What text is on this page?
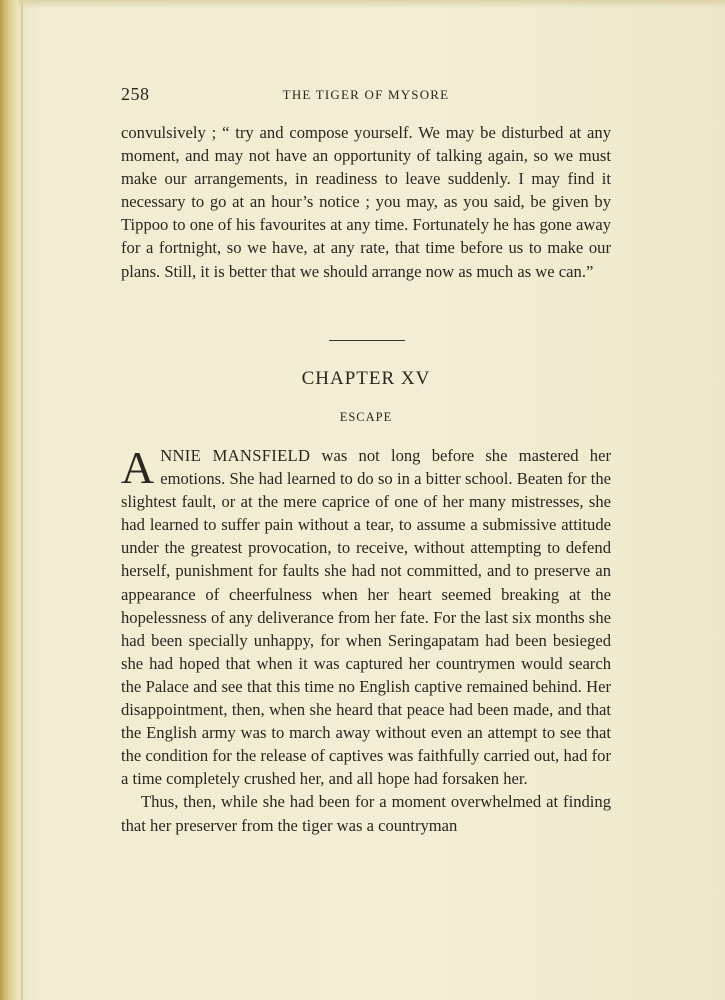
258	THE TIGER OF MYSORE

convulsively ; “ try and compose yourself. We may be disturbed at any moment, and may not have an opportunity of talking again, so we must make our arrangements, in readiness to leave suddenly. I may find it necessary to go at an hour’s notice ; you may, as you said, be given by Tippoo to one of his favourites at any time. Fortunately he has gone away for a fortnight, so we have, at any rate, that time before us to make our plans. Still, it is better that we should arrange now as much as we can.”

CHAPTER XV
ESCAPE

ANNIE MANSFIELD was not long before she mastered her emotions. She had learned to do so in a bitter school. Beaten for the slightest fault, or at the mere caprice of one of her many mistresses, she had learned to suffer pain without a tear, to assume a submissive attitude under the greatest provocation, to receive, without attempting to defend herself, punishment for faults she had not committed, and to preserve an appearance of cheerfulness when her heart seemed breaking at the hopelessness of any deliverance from her fate. For the last six months she had been specially unhappy, for when Seringapatam had been besieged she had hoped that when it was captured her countrymen would search the Palace and see that this time no English captive remained behind. Her disappointment, then, when she heard that peace had been made, and that the English army was to march away without even an attempt to see that the condition for the release of captives was faithfully carried out, had for a time completely crushed her, and all hope had forsaken her.

Thus, then, while she had been for a moment overwhelmed at finding that her preserver from the tiger was a countryman
